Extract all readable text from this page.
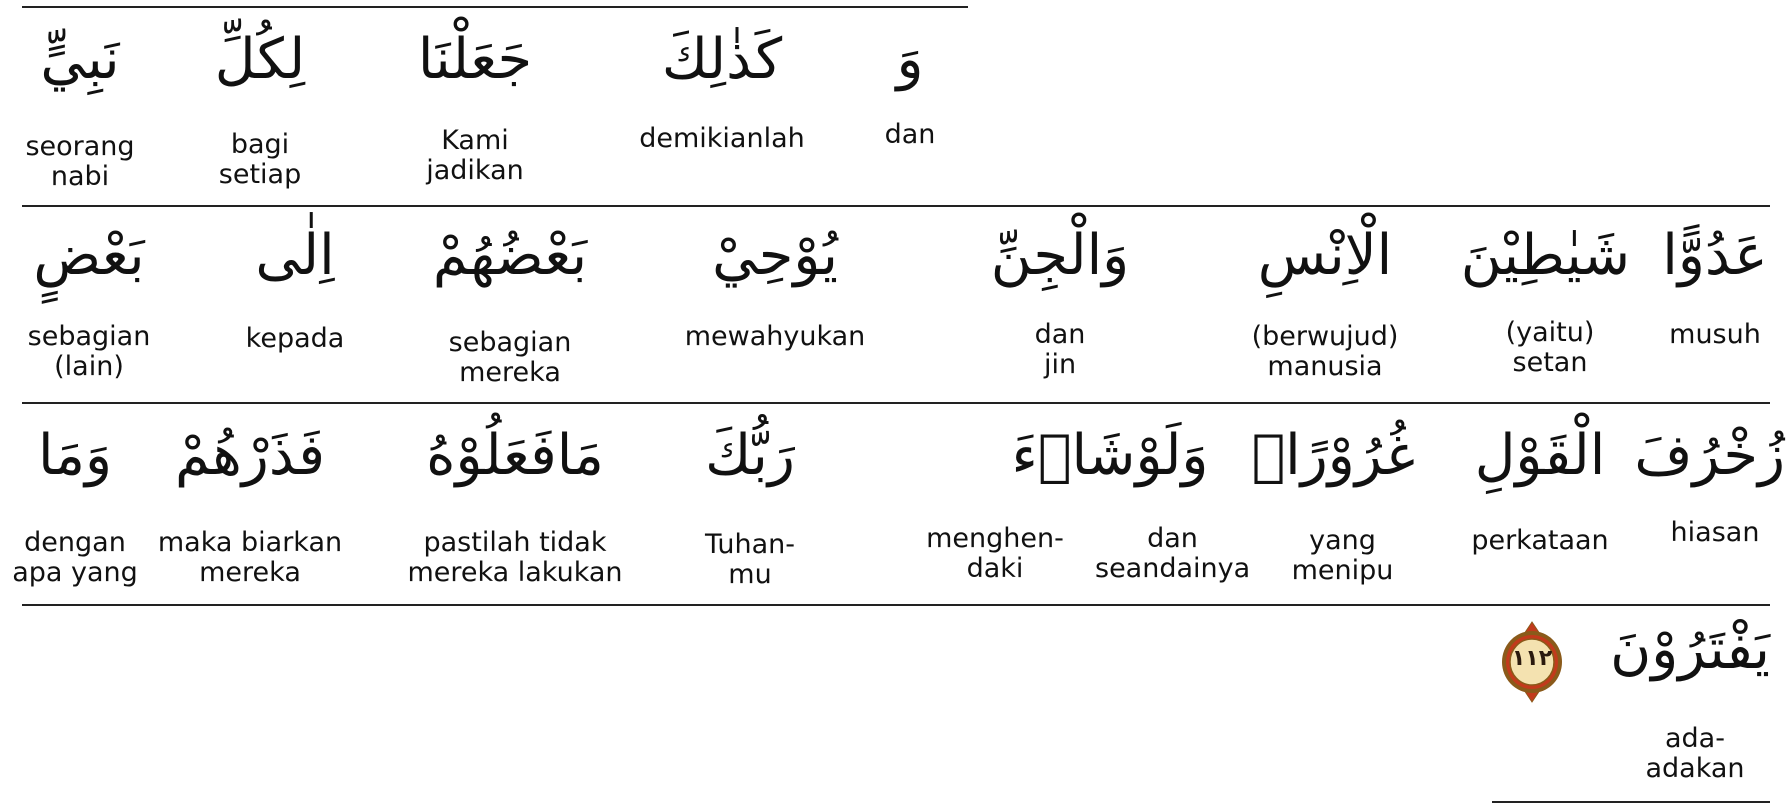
نَبِيٍّ
seorang
nabi
لِكُلِّ
bagi
setiap
جَعَلْنَا
Kami
jadikan
كَذٰلِكَ
demikianlah
وَ
dan
بَعْضٍ
sebagian
(lain)
اِلٰى
kepada
بَعْضُهُمْ
sebagian
mereka
يُوْحِيْ
mewahyukan
وَالْجِنِّ
dan
jin
الْاِنْسِ
(berwujud)
manusia
شَيٰطِيْنَ
(yaitu)
setan
عَدُوًّا
musuh
وَمَا
dengan
apa yang
فَذَرْهُمْ
maka biarkan
mereka
مَافَعَلُوْهُ
pastilah tidak
mereka lakukan
رَبُّكَ
Tuhan-
mu
وَلَوْشَاۤءَ
menghen-
daki
dan
seandainya
غُرُوْرًاۗ
yang
menipu
الْقَوْلِ
perkataan
زُخْرُفَ
hiasan
١١٢ يَفْتَرُوْنَ
ada-
adakan
